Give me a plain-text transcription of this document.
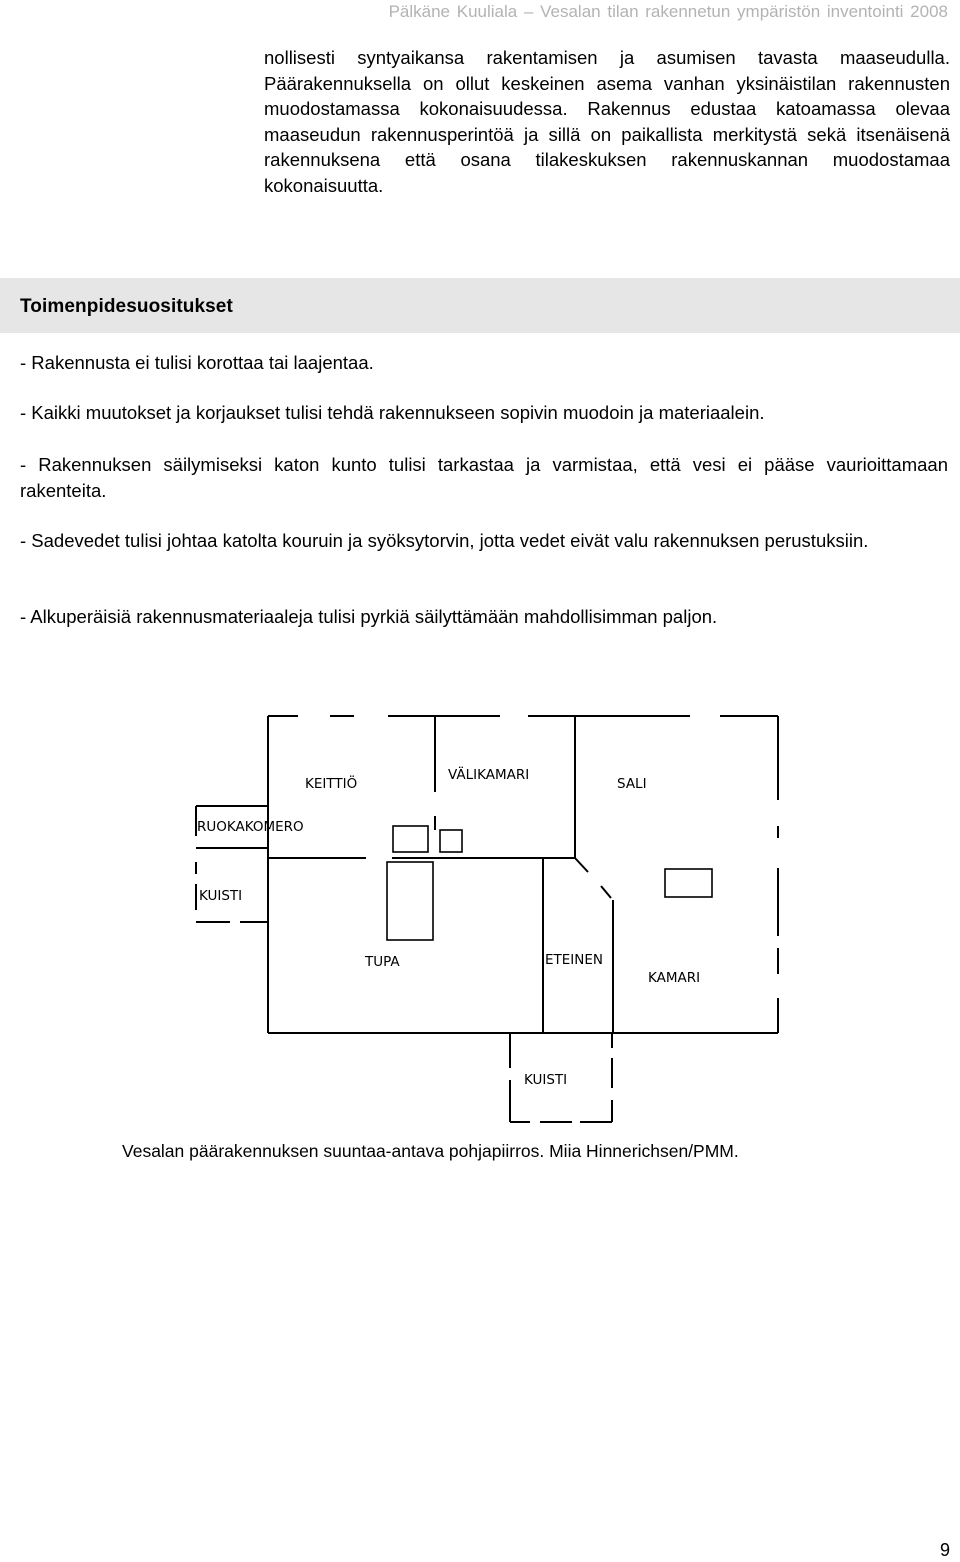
Pälkäne Kuuliala – Vesalan tilan rakennetun ympäristön inventointi 2008

nollisesti syntyaikansa rakentamisen ja asumisen tavasta maaseudulla. Päärakennuksella on ollut keskeinen asema vanhan yksinäistilan rakennusten muodostamassa kokonaisuudessa. Rakennus edustaa katoamassa olevaa maaseudun rakennusperintöä ja sillä on paikallista merkitystä sekä itsenäisenä rakennuksena että osana tilakeskuksen rakennuskannan muodostamaa kokonaisuutta.

Toimenpidesuositukset

- Rakennusta ei tulisi korottaa tai laajentaa.

- Kaikki muutokset ja korjaukset tulisi tehdä rakennukseen sopivin muodoin ja materiaalein.

- Rakennuksen säilymiseksi katon kunto tulisi tarkastaa ja varmistaa, että vesi ei pääse vaurioittamaan rakenteita.

- Sadevedet tulisi johtaa katolta kouruin ja syöksytorvin, jotta vedet eivät valu rakennuksen perustuksiin.

- Alkuperäisiä rakennusmateriaaleja tulisi pyrkiä säilyttämään mahdollisimman paljon.

KEITTIÖ
VÄLIKAMARI
SALI
RUOKAKOMERO
KUISTI
TUPA	ETEINEN
KAMARI
KUISTI

Vesalan päärakennuksen suuntaa-antava pohjapiirros. Miia Hinnerichsen/PMM.

9
